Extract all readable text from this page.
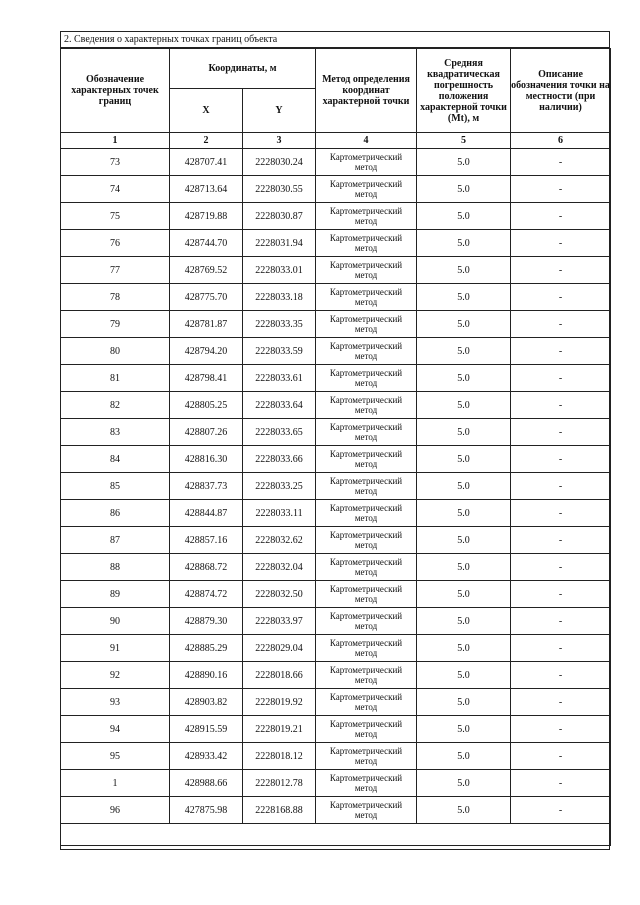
2. Сведения о характерных точках границ объекта
Обозначение характерных точек границ	Координаты, м		Метод определения координат характерной точки	Средняя квадратическая погрешность положения характерной точки (Mt), м	Описание обозначения точки на местности (при наличии)
	X	Y			
1	2	3	4	5	6
73	428707.41	2228030.24	Картометрический метод	5.0	-
74	428713.64	2228030.55	Картометрический метод	5.0	-
75	428719.88	2228030.87	Картометрический метод	5.0	-
76	428744.70	2228031.94	Картометрический метод	5.0	-
77	428769.52	2228033.01	Картометрический метод	5.0	-
78	428775.70	2228033.18	Картометрический метод	5.0	-
79	428781.87	2228033.35	Картометрический метод	5.0	-
80	428794.20	2228033.59	Картометрический метод	5.0	-
81	428798.41	2228033.61	Картометрический метод	5.0	-
82	428805.25	2228033.64	Картометрический метод	5.0	-
83	428807.26	2228033.65	Картометрический метод	5.0	-
84	428816.30	2228033.66	Картометрический метод	5.0	-
85	428837.73	2228033.25	Картометрический метод	5.0	-
86	428844.87	2228033.11	Картометрический метод	5.0	-
87	428857.16	2228032.62	Картометрический метод	5.0	-
88	428868.72	2228032.04	Картометрический метод	5.0	-
89	428874.72	2228032.50	Картометрический метод	5.0	-
90	428879.30	2228033.97	Картометрический метод	5.0	-
91	428885.29	2228029.04	Картометрический метод	5.0	-
92	428890.16	2228018.66	Картометрический метод	5.0	-
93	428903.82	2228019.92	Картометрический метод	5.0	-
94	428915.59	2228019.21	Картометрический метод	5.0	-
95	428933.42	2228018.12	Картометрический метод	5.0	-
1	428988.66	2228012.78	Картометрический метод	5.0	-
96	427875.98	2228168.88	Картометрический метод	5.0	-
